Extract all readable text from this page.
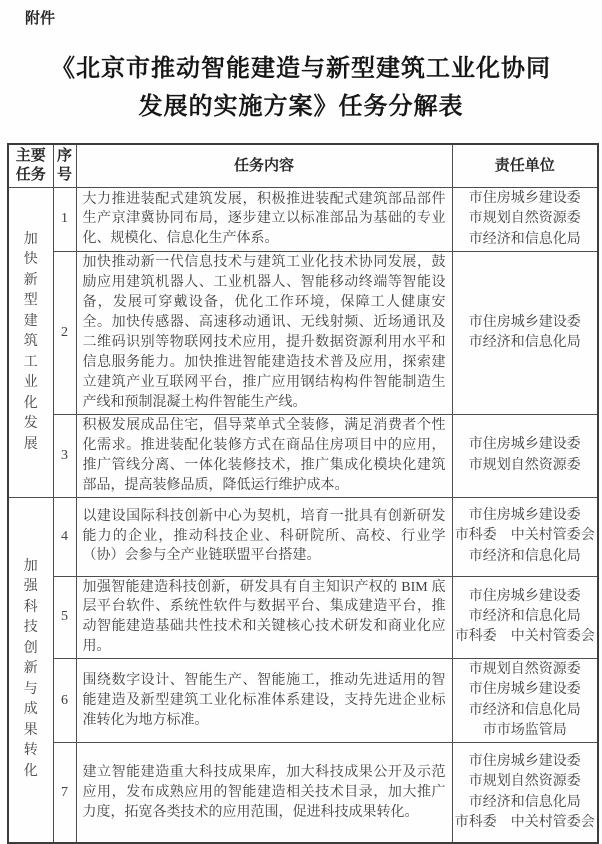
附件
《北京市推动智能建造与新型建筑工业化协同
发展的实施方案》任务分解表
主要任务	序号	任务内容	责任单位

加快新型建筑工业化发展	1	大力推进装配式建筑发展，积极推进装配式建筑部品部件生产京津冀协同布局，逐步建立以标准部品为基础的专业化、规模化、信息化生产体系。	市住房城乡建设委
市规划自然资源委
市经济和信息化局

	2	加快推动新一代信息技术与建筑工业化技术协同发展，鼓励应用建筑机器人、工业机器人、智能移动终端等智能设备，发展可穿戴设备，优化工作环境，保障工人健康安全。加快传感器、高速移动通讯、无线射频、近场通讯及二维码识别等物联网技术应用，提升数据资源利用水平和信息服务能力。加快推进智能建造技术普及应用，探索建立建筑产业互联网平台，推广应用钢结构构件智能制造生产线和预制混凝土构件智能生产线。	市住房城乡建设委
市经济和信息化局

	3	积极发展成品住宅，倡导菜单式全装修，满足消费者个性化需求。推进装配化装修方式在商品住房项目中的应用，推广管线分离、一体化装修技术，推广集成化模块化建筑部品，提高装修品质，降低运行维护成本。	市住房城乡建设委
市规划自然资源委

加强科技创新与成果转化	4	以建设国际科技创新中心为契机，培育一批具有创新研发能力的企业，推动科技企业、科研院所、高校、行业学（协）会参与全产业链联盟平台搭建。	市住房城乡建设委
市科委　中关村管委会
市经济和信息化局

	5	加强智能建造科技创新，研发具有自主知识产权的 BIM 底层平台软件、系统性软件与数据平台、集成建造平台，推动智能建造基础共性技术和关键核心技术研发和商业化应用。	市住房城乡建设委
市经济和信息化局
市科委　中关村管委会

	6	围绕数字设计、智能生产、智能施工，推动先进适用的智能建造及新型建筑工业化标准体系建设，支持先进企业标准转化为地方标准。	市规划自然资源委
市住房城乡建设委
市经济和信息化局
市市场监管局

	7	建立智能建造重大科技成果库，加大科技成果公开及示范应用，发布成熟应用的智能建造相关技术目录，加大推广力度，拓宽各类技术的应用范围，促进科技成果转化。	市住房城乡建设委
市规划自然资源委
市经济和信息化局
市科委　中关村管委会
